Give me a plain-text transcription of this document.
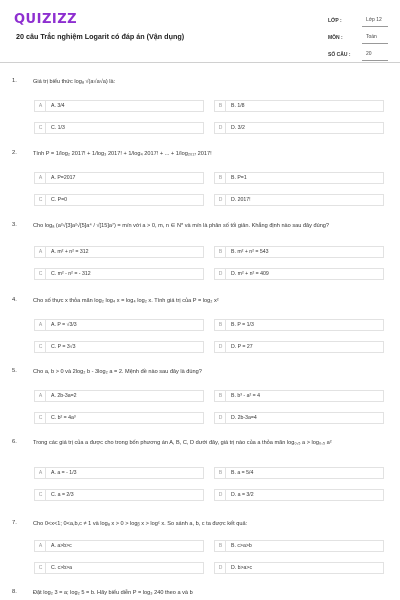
QUIZIZZ
20 câu Trắc nghiệm Logarit có đáp án (Vận dụng)
LỚP :	Lớp 12
MÔN :	Toán
SỐ CÂU :	20
1.	Giá trị biểu thức logₐ √(a√a√a) là:
A	A. 3/4	B	B. 1/8
C	C. 1/3	D	D. 3/2
2.	Tính P = 1/log₂ 2017! + 1/log₃ 2017! + 1/log₄ 2017! + ... + 1/log₂₀₁₇ 2017!
A	A. P=2017	B	B. P=1
C	C. P=0	D	D. 2017!
3.	Cho logₐ (a²√[3]a²√[5]a⁴ / √[15]a⁷) = m/n với a > 0, m, n ∈ N* và m/n là phân số tối giản. Khẳng định nào sau đây đúng?
A	A. m² + n² = 312	B	B. m² + n² = 543
C	C. m² - n² = - 312	D	D. m² + n² = 409
4.	Cho số thực x thỏa mãn log₂ log₄ x = log₄ log₂ x. Tính giá trị của P = log₂ x²
A	A. P = √3/3	B	B. P = 1/3
C	C. P = 3√3	D	D. P = 27
5.	Cho a, b > 0 và 2log₂ b - 3log₂ a = 2. Mệnh đề nào sau đây là đúng?
A	A. 2b-3a=2	B	B. b³ - a² = 4
C	C. b² = 4a³	D	D. 2b-3a=4
6.	Trong các giá trị của a được cho trong bốn phương án A, B, C, D dưới đây, giá trị nào của a thỏa mãn log₀,₅ a > log₀,₅ a²
A	A. a = - 1/3	B	B. a = 5/4
C	C. a = 2/3	D	D. a = 3/2
7.	Cho 0<x<1; 0<a,b,c ≠ 1 và logₐ x > 0 > logᵦ x > logᶜ x. So sánh a, b, c ta được kết quả:
A	A. a>b>c	B	B. c>a>b
C	C. c>b>a	D	D. b>a>c
8.	Đặt log₂ 3 = a; log₂ 5 = b. Hãy biểu diễn P = log₃ 240 theo a và b
